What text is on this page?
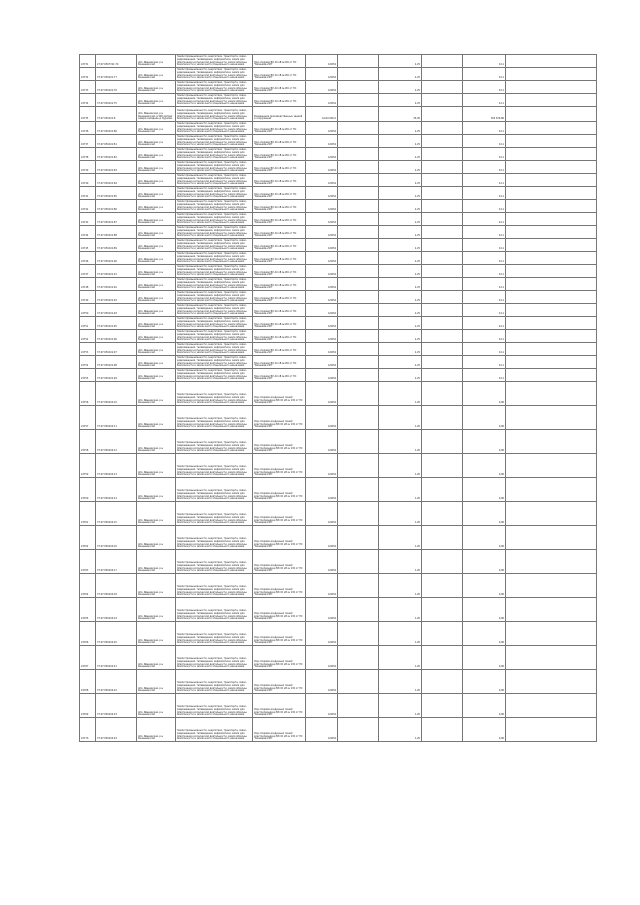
22731	27:07:0507311:70	обл. Ивановская, р-н Кинешемский	Земли промышленности, энергетики, транспорта, связи, радиовещания, телевидения, информатики, земли для обеспечения космической деятельности, земли обороны, безопасности и земли иного специального назначения	Под опорами ВЛ-10 кВ №130 от ПС "Кинешма-220"	0,0054		2,25		0,11	
22732	37:07:050101:77	обл. Ивановская, р-н Кинешемский	Земли промышленности, энергетики, транспорта, связи, радиовещания, телевидения, информатики, земли для обеспечения космической деятельности, земли обороны, безопасности и земли иного специального назначения	Под опорами ВЛ-10 кВ №130 от ПС "Кинешма-220"	0,0054		2,25		0,11	
22733	37:07:050101:76	обл. Ивановская, р-н Кинешемский	Земли промышленности, энергетики, транспорта, связи, радиовещания, телевидения, информатики, земли для обеспечения космической деятельности, земли обороны, безопасности и земли иного специального назначения	Под опорами ВЛ-10 кВ №130 от ПС "Кинешма-220"	0,0054		2,25		0,11	
22734	37:07:050101:75	обл. Ивановская, р-н Кинешемский	Земли промышленности, энергетики, транспорта, связи, радиовещания, телевидения, информатики, земли для обеспечения космической деятельности, земли обороны, безопасности и земли иного специального назначения	Под опорами ВЛ-10 кВ №130 от ПС "Кинешма-220"	0,0054		2,25		0,11	
22735	37:07:050101:8	обл. Ивановская, р-н Кинешемский, в 500 метрах северо-западнее д. Бурково	Земли промышленности, энергетики, транспорта, связи, радиовещания, телевидения, информатики, земли для обеспечения космической деятельности, земли обороны, безопасности и земли иного специального назначения	Размещение производственных зданий и сооружений	6,610 600,2		45,95		304 676,86	
22736	37:07:050101:80	обл. Ивановская, р-н Кинешемский	Земли промышленности, энергетики, транспорта, связи, радиовещания, телевидения, информатики, земли для обеспечения космической деятельности, земли обороны, безопасности и земли иного специального назначения	Под опорами ВЛ-10 кВ №130 от ПС "Кинешма-220"	0,0054		2,25		0,11	
22737	37:07:050101:81	обл. Ивановская, р-н Кинешемский	Земли промышленности, энергетики, транспорта, связи, радиовещания, телевидения, информатики, земли для обеспечения космической деятельности, земли обороны, безопасности и земли иного специального назначения	Под опорами ВЛ-10 кВ №130 от ПС "Кинешма-220"	0,0054		2,25		0,11	
22738	37:07:050101:82	обл. Ивановская, р-н Кинешемский	Земли промышленности, энергетики, транспорта, связи, радиовещания, телевидения, информатики, земли для обеспечения космической деятельности, земли обороны, безопасности и земли иного специального назначения	Под опорами ВЛ-10 кВ №130 от ПС "Кинешма-220"	0,0054		2,25		0,11	
22739	37:07:050101:83	обл. Ивановская, р-н Кинешемский	Земли промышленности, энергетики, транспорта, связи, радиовещания, телевидения, информатики, земли для обеспечения космической деятельности, земли обороны, безопасности и земли иного специального назначения	Под опорами ВЛ-10 кВ №130 от ПС "Кинешма-220"	0,0054		2,25		0,11	
22740	37:07:050101:84	обл. Ивановская, р-н Кинешемский	Земли промышленности, энергетики, транспорта, связи, радиовещания, телевидения, информатики, земли для обеспечения космической деятельности, земли обороны, безопасности и земли иного специального назначения	Под опорами ВЛ-10 кВ №130 от ПС "Кинешма-220"	0,0054		2,25		0,11	
22741	37:07:050101:85	обл. Ивановская, р-н Кинешемский	Земли промышленности, энергетики, транспорта, связи, радиовещания, телевидения, информатики, земли для обеспечения космической деятельности, земли обороны, безопасности и земли иного специального назначения	Под опорами ВЛ-10 кВ №130 от ПС "Кинешма-220"	0,0054		2,25		0,11	
22742	37:07:050101:86	обл. Ивановская, р-н Кинешемский	Земли промышленности, энергетики, транспорта, связи, радиовещания, телевидения, информатики, земли для обеспечения космической деятельности, земли обороны, безопасности и земли иного специального назначения	Под опорами ВЛ-10 кВ №130 от ПС "Кинешма-220"	0,0054		2,25		0,11	
22743	37:07:050101:87	обл. Ивановская, р-н Кинешемский	Земли промышленности, энергетики, транспорта, связи, радиовещания, телевидения, информатики, земли для обеспечения космической деятельности, земли обороны, безопасности и земли иного специального назначения	Под опорами ВЛ-10 кВ №130 от ПС "Кинешма-220"	0,0054		2,25		0,11	
22744	37:07:050101:88	обл. Ивановская, р-н Кинешемский	Земли промышленности, энергетики, транспорта, связи, радиовещания, телевидения, информатики, земли для обеспечения космической деятельности, земли обороны, безопасности и земли иного специального назначения	Под опорами ВЛ-10 кВ №130 от ПС "Кинешма-220"	0,0054		2,25		0,11	
22745	37:07:050101:89	обл. Ивановская, р-н Кинешемский	Земли промышленности, энергетики, транспорта, связи, радиовещания, телевидения, информатики, земли для обеспечения космической деятельности, земли обороны, безопасности и земли иного специального назначения	Под опорами ВЛ-10 кВ №130 от ПС "Кинешма-220"	0,0054		2,25		0,11	
22746	37:07:050101:90	обл. Ивановская, р-н Кинешемский	Земли промышленности, энергетики, транспорта, связи, радиовещания, телевидения, информатики, земли для обеспечения космической деятельности, земли обороны, безопасности и земли иного специального назначения	Под опорами ВЛ-10 кВ №130 от ПС "Кинешма-220"	0,0054		2,25		0,11	
22747	37:07:050101:91	обл. Ивановская, р-н Кинешемский	Земли промышленности, энергетики, транспорта, связи, радиовещания, телевидения, информатики, земли для обеспечения космической деятельности, земли обороны, безопасности и земли иного специального назначения	Под опорами ВЛ-10 кВ №130 от ПС "Кинешма-220"	0,0054		2,25		0,11	
22748	37:07:050101:92	обл. Ивановская, р-н Кинешемский	Земли промышленности, энергетики, транспорта, связи, радиовещания, телевидения, информатики, земли для обеспечения космической деятельности, земли обороны, безопасности и земли иного специального назначения	Под опорами ВЛ-10 кВ №130 от ПС "Кинешма-220"	0,0054		2,25		0,11	
22749	37:07:050101:93	обл. Ивановская, р-н Кинешемский	Земли промышленности, энергетики, транспорта, связи, радиовещания, телевидения, информатики, земли для обеспечения космической деятельности, земли обороны, безопасности и земли иного специального назначения	Под опорами ВЛ-10 кВ №130 от ПС "Кинешма-220"	0,0054		2,25		0,11	
22750	37:07:050101:94	обл. Ивановская, р-н Кинешемский	Земли промышленности, энергетики, транспорта, связи, радиовещания, телевидения, информатики, земли для обеспечения космической деятельности, земли обороны, безопасности и земли иного специального назначения	Под опорами ВЛ-10 кВ №130 от ПС "Кинешма-220"	0,0054		2,25		0,11	
22751	37:07:050101:95	обл. Ивановская, р-н Кинешемский	Земли промышленности, энергетики, транспорта, связи, радиовещания, телевидения, информатики, земли для обеспечения космической деятельности, земли обороны, безопасности и земли иного специального назначения	Под опорами ВЛ-10 кВ №130 от ПС "Кинешма-220"	0,0054		2,25		0,11	
22752	37:07:050101:96	обл. Ивановская, р-н Кинешемский	Земли промышленности, энергетики, транспорта, связи, радиовещания, телевидения, информатики, земли для обеспечения космической деятельности, земли обороны, безопасности и земли иного специального назначения	Под опорами ВЛ-10 кВ №130 от ПС "Кинешма-220"	0,0054		2,25		0,11	
22753	37:07:050101:97	обл. Ивановская, р-н Кинешемский	Земли промышленности, энергетики, транспорта, связи, радиовещания, телевидения, информатики, земли для обеспечения космической деятельности, земли обороны, безопасности и земли иного специального назначения	Под опорами ВЛ-10 кВ №130 от ПС "Кинешма-220"	0,0054		2,25		0,11	
22754	37:07:050101:98	обл. Ивановская, р-н Кинешемский	Земли промышленности, энергетики, транспорта, связи, радиовещания, телевидения, информатики, земли для обеспечения космической деятельности, земли обороны, безопасности и земли иного специального назначения	Под опорами ВЛ-10 кВ №130 от ПС "Кинешма-220"	0,0054		2,25		0,11	
22755	37:07:050101:99	обл. Ивановская, р-н Кинешемский	Земли промышленности, энергетики, транспорта, связи, радиовещания, телевидения, информатики, земли для обеспечения космической деятельности, земли обороны, безопасности и земли иного специального назначения	Под опорами ВЛ-10 кВ №130 от ПС "Кинешма-220"	0,0054		2,25		0,11	
22756	37:07:050104:10	обл. Ивановская, р-н Кинешемский	Земли промышленности, энергетики, транспорта, связи, радиовещания, телевидения, информатики, земли для обеспечения космической деятельности, земли обороны, безопасности и земли иного специального назначения	Под опорами воздушных линий электропередачи ВЛ-10 кВ № 130 от ПС "Кинешма-220"	0,0054		1,20		0,06	
22757	37:07:050104:11	обл. Ивановская, р-н Кинешемский	Земли промышленности, энергетики, транспорта, связи, радиовещания, телевидения, информатики, земли для обеспечения космической деятельности, земли обороны, безопасности и земли иного специального назначения	Под опорами воздушных линий электропередачи ВЛ-10 кВ № 130 от ПС "Кинешма-220"	0,0054		1,20		0,06	
22758	37:07:050104:12	обл. Ивановская, р-н Кинешемский	Земли промышленности, энергетики, транспорта, связи, радиовещания, телевидения, информатики, земли для обеспечения космической деятельности, земли обороны, безопасности и земли иного специального назначения	Под опорами воздушных линий электропередачи ВЛ-10 кВ № 130 от ПС "Кинешма-220"	0,0054		1,20		0,06	
22759	37:07:050104:13	обл. Ивановская, р-н Кинешемский	Земли промышленности, энергетики, транспорта, связи, радиовещания, телевидения, информатики, земли для обеспечения космической деятельности, земли обороны, безопасности и земли иного специального назначения	Под опорами воздушных линий электропередачи ВЛ-10 кВ № 130 от ПС "Кинешма-220"	0,0054		1,20		0,06	
22760	37:07:050104:14	обл. Ивановская, р-н Кинешемский	Земли промышленности, энергетики, транспорта, связи, радиовещания, телевидения, информатики, земли для обеспечения космической деятельности, земли обороны, безопасности и земли иного специального назначения	Под опорами воздушных линий электропередачи ВЛ-10 кВ № 130 от ПС "Кинешма-220"	0,0054		1,20		0,06	
22761	37:07:050104:15	обл. Ивановская, р-н Кинешемский	Земли промышленности, энергетики, транспорта, связи, радиовещания, телевидения, информатики, земли для обеспечения космической деятельности, земли обороны, безопасности и земли иного специального назначения	Под опорами воздушных линий электропередачи ВЛ-10 кВ № 130 от ПС "Кинешма-220"	0,0054		1,20		0,06	
22762	37:07:050104:16	обл. Ивановская, р-н Кинешемский	Земли промышленности, энергетики, транспорта, связи, радиовещания, телевидения, информатики, земли для обеспечения космической деятельности, земли обороны, безопасности и земли иного специального назначения	Под опорами воздушных линий электропередачи ВЛ-10 кВ № 130 от ПС "Кинешма-220"	0,0054		1,20		0,06	
22763	37:07:050104:17	обл. Ивановская, р-н Кинешемский	Земли промышленности, энергетики, транспорта, связи, радиовещания, телевидения, информатики, земли для обеспечения космической деятельности, земли обороны, безопасности и земли иного специального назначения	Под опорами воздушных линий электропередачи ВЛ-10 кВ № 130 от ПС "Кинешма-220"	0,0054		1,20		0,06	
22764	37:07:050104:18	обл. Ивановская, р-н Кинешемский	Земли промышленности, энергетики, транспорта, связи, радиовещания, телевидения, информатики, земли для обеспечения космической деятельности, земли обороны, безопасности и земли иного специального назначения	Под опорами воздушных линий электропередачи ВЛ-10 кВ № 130 от ПС "Кинешма-220"	0,0054		1,20		0,06	
22765	37:07:050104:19	обл. Ивановская, р-н Кинешемский	Земли промышленности, энергетики, транспорта, связи, радиовещания, телевидения, информатики, земли для обеспечения космической деятельности, земли обороны, безопасности и земли иного специального назначения	Под опорами воздушных линий электропередачи ВЛ-10 кВ № 130 от ПС "Кинешма-220"	0,0054		1,20		0,06	
22766	37:07:050104:20	обл. Ивановская, р-н Кинешемский	Земли промышленности, энергетики, транспорта, связи, радиовещания, телевидения, информатики, земли для обеспечения космической деятельности, земли обороны, безопасности и земли иного специального назначения	Под опорами воздушных линий электропередачи ВЛ-10 кВ № 130 от ПС "Кинешма-220"	0,0054		1,20		0,06	
22767	37:07:050104:21	обл. Ивановская, р-н Кинешемский	Земли промышленности, энергетики, транспорта, связи, радиовещания, телевидения, информатики, земли для обеспечения космической деятельности, земли обороны, безопасности и земли иного специального назначения	Под опорами воздушных линий электропередачи ВЛ-10 кВ № 130 от ПС "Кинешма-220"	0,0054		1,20		0,06	
22768	37:07:050104:22	обл. Ивановская, р-н Кинешемский	Земли промышленности, энергетики, транспорта, связи, радиовещания, телевидения, информатики, земли для обеспечения космической деятельности, земли обороны, безопасности и земли иного специального назначения	Под опорами воздушных линий электропередачи ВЛ-10 кВ № 130 от ПС "Кинешма-220"	0,0054		1,20		0,06	
22769	37:07:050104:23	обл. Ивановская, р-н Кинешемский	Земли промышленности, энергетики, транспорта, связи, радиовещания, телевидения, информатики, земли для обеспечения космической деятельности, земли обороны, безопасности и земли иного специального назначения	Под опорами воздушных линий электропередачи ВЛ-10 кВ № 130 от ПС "Кинешма-220"	0,0054		1,20		0,06	
22770	37:07:050104:24	обл. Ивановская, р-н Кинешемский	Земли промышленности, энергетики, транспорта, связи, радиовещания, телевидения, информатики, земли для обеспечения космической деятельности, земли обороны, безопасности и земли иного специального назначения	Под опорами воздушных линий электропередачи ВЛ-10 кВ № 130 от ПС "Кинешма-220"	0,0054		1,20		0,06	
